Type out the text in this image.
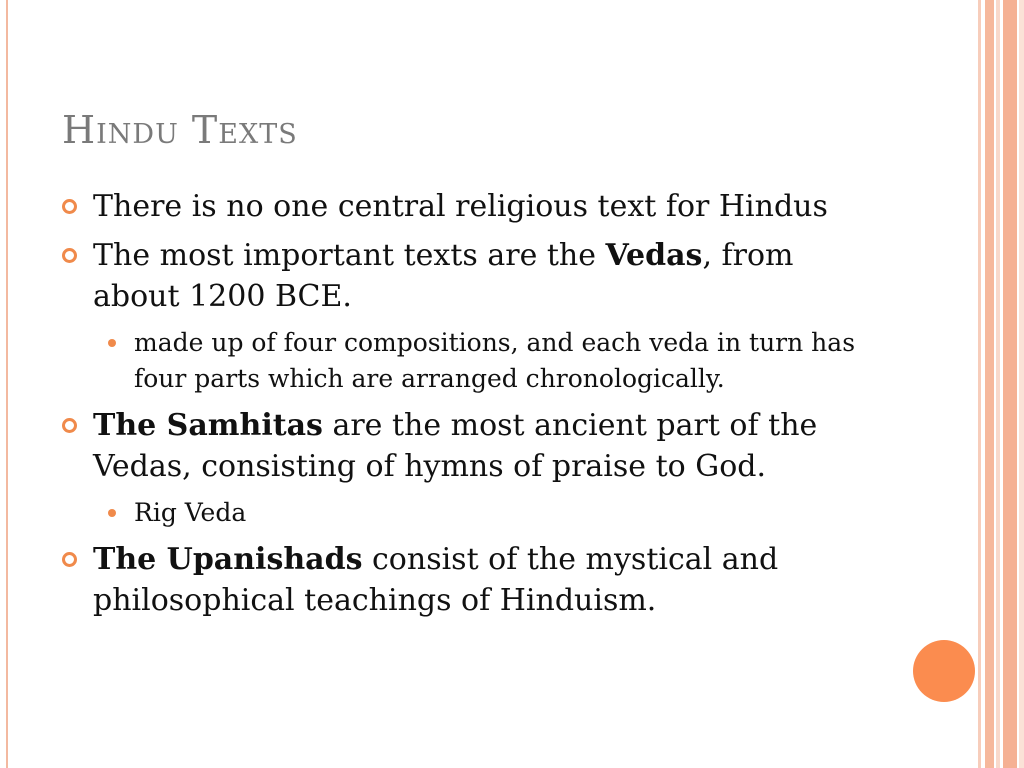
Hindu Texts
There is no one central religious text for Hindus
The most important texts are the Vedas, from about 1200 BCE.
made up of four compositions, and each veda in turn has four parts which are arranged chronologically.
The Samhitas are the most ancient part of the Vedas, consisting of hymns of praise to God.
Rig Veda
The Upanishads consist of the mystical and philosophical teachings of Hinduism.
